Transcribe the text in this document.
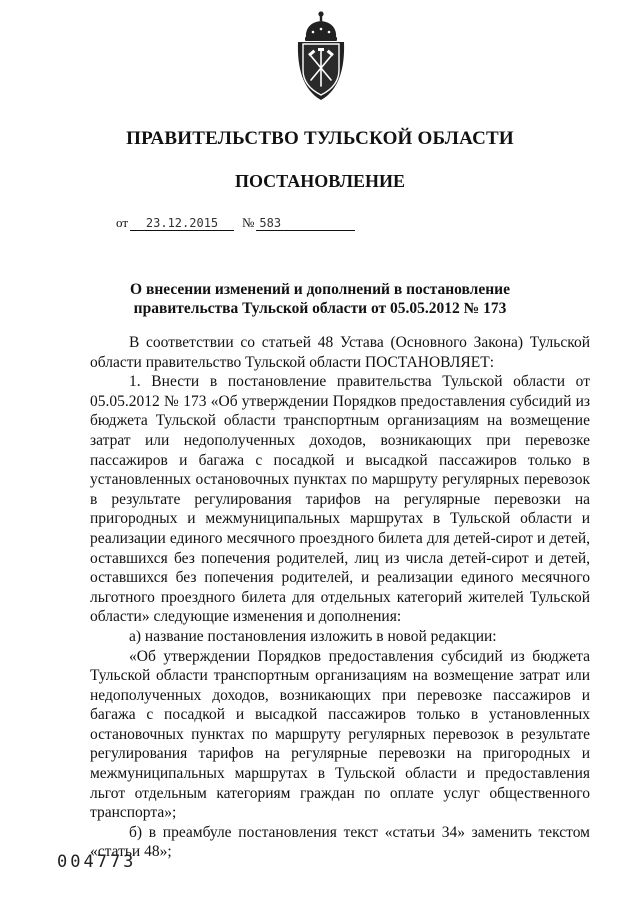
ПРАВИТЕЛЬСТВО ТУЛЬСКОЙ ОБЛАСТИ
ПОСТАНОВЛЕНИЕ
от 23.12.2015 № 583
О внесении изменений и дополнений в постановление правительства Тульской области от 05.05.2012 № 173

В соответствии со статьей 48 Устава (Основного Закона) Тульской области правительство Тульской области ПОСТАНОВЛЯЕТ:

1. Внести в постановление правительства Тульской области от 05.05.2012 № 173 «Об утверждении Порядков предоставления субсидий из бюджета Тульской области транспортным организациям на возмещение затрат или недополученных доходов, возникающих при перевозке пассажиров и багажа с посадкой и высадкой пассажиров только в установленных остановочных пунктах по маршруту регулярных перевозок в результате регулирования тарифов на регулярные перевозки на пригородных и межмуниципальных маршрутах в Тульской области и реализации единого месячного проездного билета для детей-сирот и детей, оставшихся без попечения родителей, лиц из числа детей-сирот и детей, оставшихся без попечения родителей, и реализации единого месячного льготного проездного билета для отдельных категорий жителей Тульской области» следующие изменения и дополнения:

а) название постановления изложить в новой редакции:

«Об утверждении Порядков предоставления субсидий из бюджета Тульской области транспортным организациям на возмещение затрат или недополученных доходов, возникающих при перевозке пассажиров и багажа с посадкой и высадкой пассажиров только в установленных остановочных пунктах по маршруту регулярных перевозок в результате регулирования тарифов на регулярные перевозки на пригородных и межмуниципальных маршрутах в Тульской области и предоставления льгот отдельным категориям граждан по оплате услуг общественного транспорта»;

б) в преамбуле постановления текст «статьи 34» заменить текстом «статьи 48»;

004773
